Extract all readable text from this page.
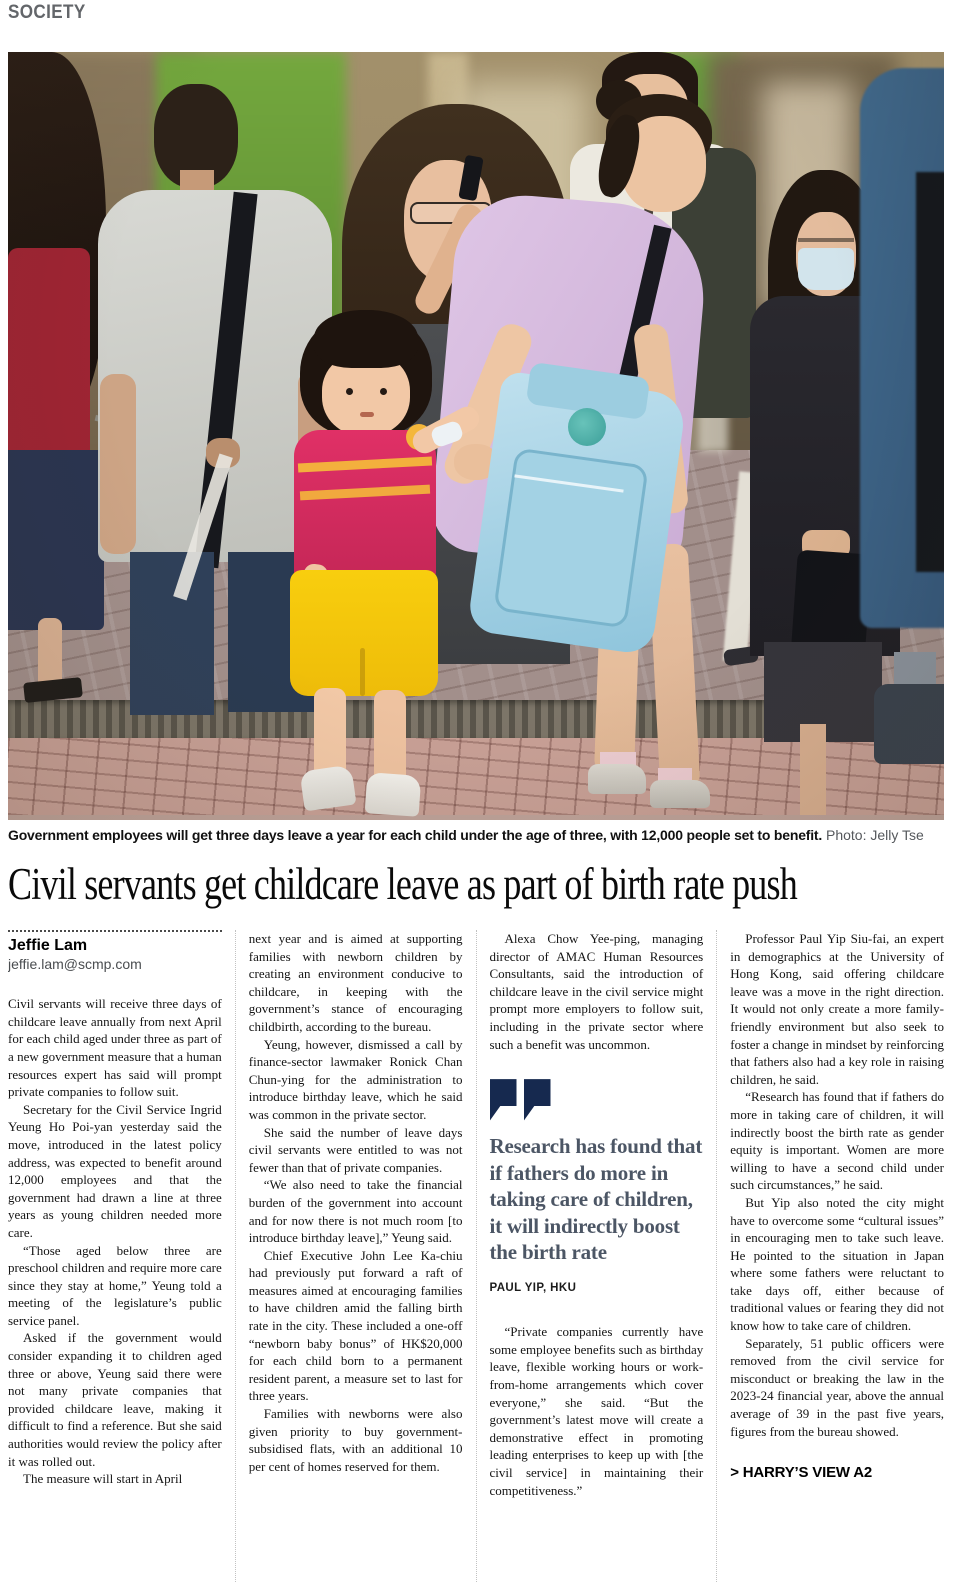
SOCIETY
Government employees will get three days leave a year for each child under the age of three, with 12,000 people set to benefit. Photo: Jelly Tse
Civil servants get childcare leave as part of birth rate push
Jeffie Lam
jeffie.lam@scmp.com

Civil servants will receive three days of childcare leave annually from next April for each child aged under three as part of a new government measure that a human resources expert has said will prompt private companies to follow suit.

Secretary for the Civil Service Ingrid Yeung Ho Poi-yan yesterday said the move, introduced in the latest policy address, was expected to benefit around 12,000 employees and that the government had drawn a line at three years as young children needed more care.

“Those aged below three are preschool children and require more care since they stay at home,” Yeung told a meeting of the legislature’s public service panel.

Asked if the government would consider expanding it to children aged three or above, Yeung said there were not many private companies that provided childcare leave, making it difficult to find a reference. But she said authorities would review the policy after it was rolled out.

The measure will start in April

next year and is aimed at supporting families with newborn children by creating an environment conducive to childcare, in keeping with the government’s stance of encouraging childbirth, according to the bureau.

Yeung, however, dismissed a call by finance-sector lawmaker Ronick Chan Chun-ying for the administration to introduce birthday leave, which he said was common in the private sector.

She said the number of leave days civil servants were entitled to was not fewer than that of private companies.

“We also need to take the financial burden of the government into account and for now there is not much room [to introduce birthday leave],” Yeung said.

Chief Executive John Lee Ka-chiu had previously put forward a raft of measures aimed at encouraging families to have children amid the falling birth rate in the city. These included a one-off “newborn baby bonus” of HK$20,000 for each child born to a permanent resident parent, a measure set to last for three years.

Families with newborns were also given priority to buy government-subsidised flats, with an additional 10 per cent of homes reserved for them.

Alexa Chow Yee-ping, managing director of AMAC Human Resources Consultants, said the introduction of childcare leave in the civil service might prompt more employers to follow suit, including in the private sector where such a benefit was uncommon.

Research has found that if fathers do more in taking care of children, it will indirectly boost the birth rate
PAUL YIP, HKU

“Private companies currently have some employee benefits such as birthday leave, flexible working hours or work-from-home arrangements which cover everyone,” she said. “But the government’s latest move will create a demonstrative effect in promoting leading enterprises to keep up with [the civil service] in maintaining their competitiveness.”

Professor Paul Yip Siu-fai, an expert in demographics at the University of Hong Kong, said offering childcare leave was a move in the right direction. It would not only create a more family-friendly environment but also seek to foster a change in mindset by reinforcing that fathers also had a key role in raising children, he said.

“Research has found that if fathers do more in taking care of children, it will indirectly boost the birth rate as gender equity is important. Women are more willing to have a second child under such circumstances,” he said.

But Yip also noted the city might have to overcome some “cultural issues” in encouraging men to take such leave. He pointed to the situation in Japan where some fathers were reluctant to take days off, either because of traditional values or fearing they did not know how to take care of children.

Separately, 51 public officers were removed from the civil service for misconduct or breaking the law in the 2023-24 financial year, above the annual average of 39 in the past five years, figures from the bureau showed.

> HARRY’S VIEW A2
